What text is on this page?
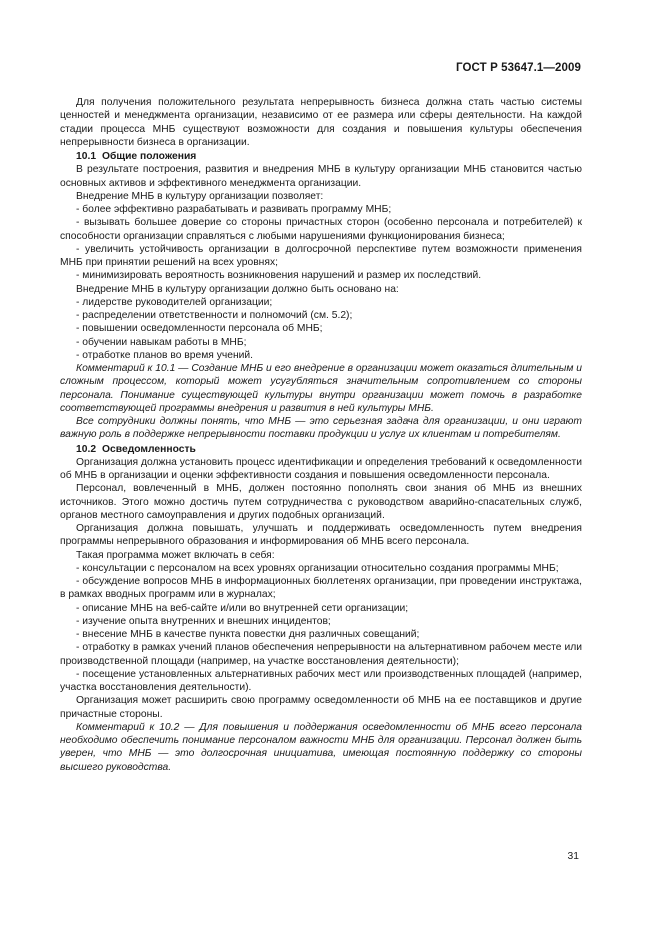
ГОСТ Р 53647.1—2009

Для получения положительного результата непрерывность бизнеса должна стать частью системы ценностей и менеджмента организации, независимо от ее размера или сферы деятельности. На каждой стадии процесса МНБ существуют возможности для создания и повышения культуры обеспечения непрерывности бизнеса в организации.

10.1 Общие положения

В результате построения, развития и внедрения МНБ в культуру организации МНБ становится частью основных активов и эффективного менеджмента организации.

Внедрение МНБ в культуру организации позволяет:

- более эффективно разрабатывать и развивать программу МНБ;

- вызывать большее доверие со стороны причастных сторон (особенно персонала и потребителей) к способности организации справляться с любыми нарушениями функционирования бизнеса;

- увеличить устойчивость организации в долгосрочной перспективе путем возможности применения МНБ при принятии решений на всех уровнях;

- минимизировать вероятность возникновения нарушений и размер их последствий.

Внедрение МНБ в культуру организации должно быть основано на:

- лидерстве руководителей организации;

- распределении ответственности и полномочий (см. 5.2);

- повышении осведомленности персонала об МНБ;

- обучении навыкам работы в МНБ;

- отработке планов во время учений.

Комментарий к 10.1 — Создание МНБ и его внедрение в организации может оказаться длительным и сложным процессом, который может усугубляться значительным сопротивлением со стороны персонала. Понимание существующей культуры внутри организации может помочь в разработке соответствующей программы внедрения и развития в ней культуры МНБ.

Все сотрудники должны понять, что МНБ — это серьезная задача для организации, и они играют важную роль в поддержке непрерывности поставки продукции и услуг их клиентам и потребителям.

10.2 Осведомленность

Организация должна установить процесс идентификации и определения требований к осведомленности об МНБ в организации и оценки эффективности создания и повышения осведомленности персонала.

Персонал, вовлеченный в МНБ, должен постоянно пополнять свои знания об МНБ из внешних источников. Этого можно достичь путем сотрудничества с руководством аварийно-спасательных служб, органов местного самоуправления и других подобных организаций.

Организация должна повышать, улучшать и поддерживать осведомленность путем внедрения программы непрерывного образования и информирования об МНБ всего персонала.

Такая программа может включать в себя:

- консультации с персоналом на всех уровнях организации относительно создания программы МНБ;

- обсуждение вопросов МНБ в информационных бюллетенях организации, при проведении инструктажа, в рамках вводных программ или в журналах;

- описание МНБ на веб-сайте и/или во внутренней сети организации;

- изучение опыта внутренних и внешних инцидентов;

- внесение МНБ в качестве пункта повестки дня различных совещаний;

- отработку в рамках учений планов обеспечения непрерывности на альтернативном рабочем месте или производственной площади (например, на участке восстановления деятельности);

- посещение установленных альтернативных рабочих мест или производственных площадей (например, участка восстановления деятельности).

Организация может расширить свою программу осведомленности об МНБ на ее поставщиков и другие причастные стороны.

Комментарий к 10.2 — Для повышения и поддержания осведомленности об МНБ всего персонала необходимо обеспечить понимание персоналом важности МНБ для организации. Персонал должен быть уверен, что МНБ — это долгосрочная инициатива, имеющая постоянную поддержку со стороны высшего руководства.

31
